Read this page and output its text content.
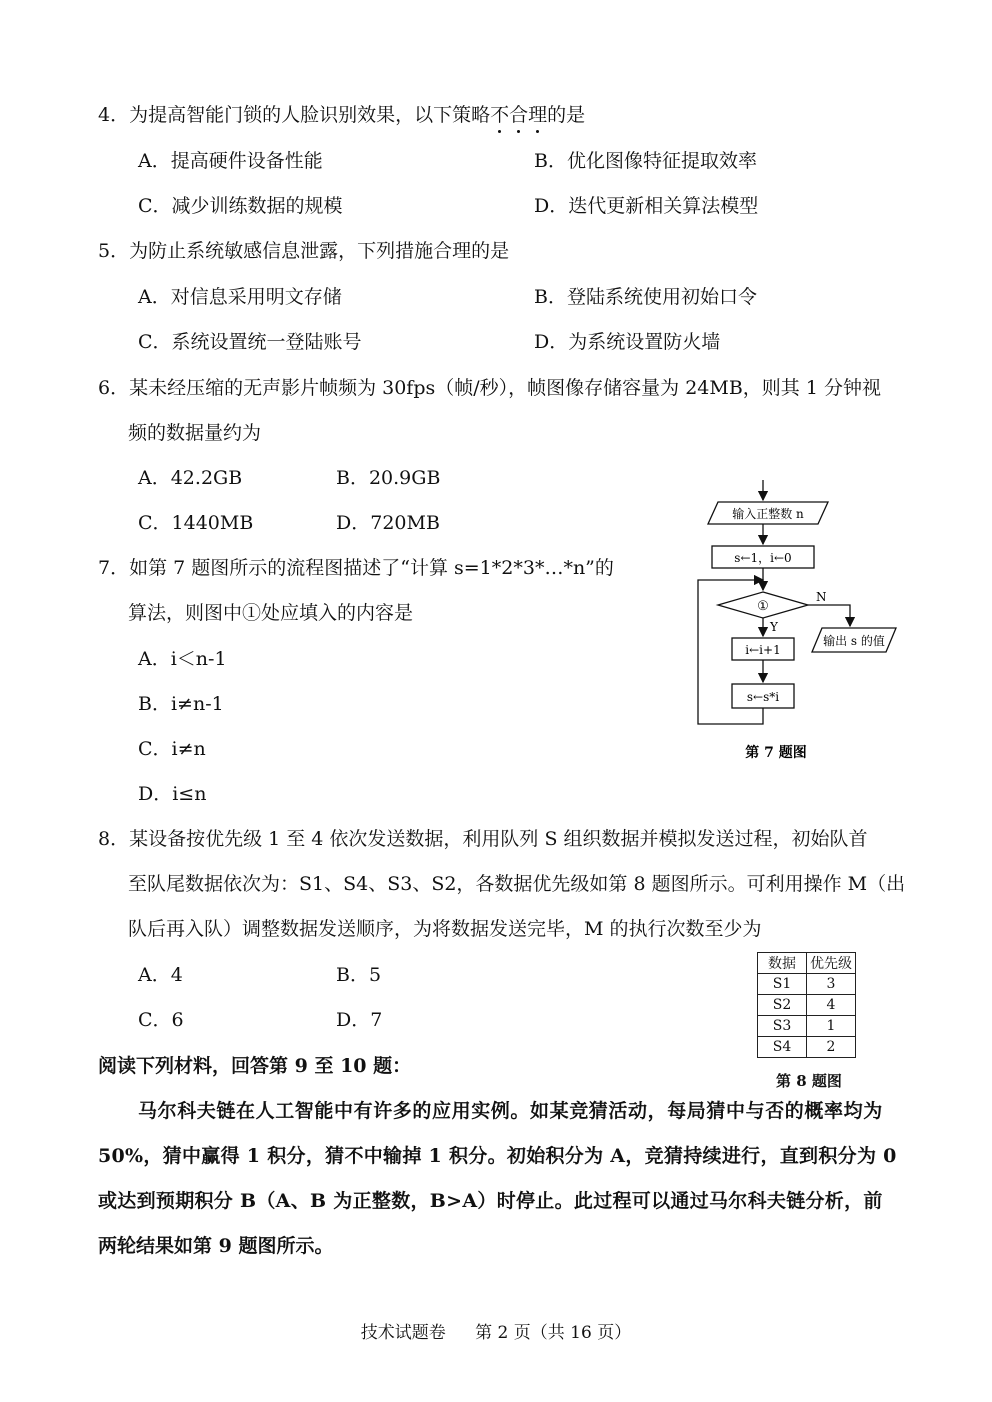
4．为提高智能门锁的人脸识别效果，以下策略不合理的是
A．提高硬件设备性能	B．优化图像特征提取效率
C．减少训练数据的规模	D．迭代更新相关算法模型
5．为防止系统敏感信息泄露，下列措施合理的是
A．对信息采用明文存储	B．登陆系统使用初始口令
C．系统设置统一登陆账号	D．为系统设置防火墙
6．某未经压缩的无声影片帧频为 30fps（帧/秒），帧图像存储容量为 24MB，则其 1 分钟视
频的数据量约为
A．42.2GB	B．20.9GB
C．1440MB	D．720MB
7．如第 7 题图所示的流程图描述了“计算 s=1*2*3*…*n”的
算法，则图中①处应填入的内容是
A．i＜n-1
B．i≠n-1
C．i≠n
D．i≤n
输入正整数 n
s←1，i←0
①
N
输出 s 的值
Y
i←i+1
s←s*i
第 7 题图
8．某设备按优先级 1 至 4 依次发送数据，利用队列 S 组织数据并模拟发送过程，初始队首
至队尾数据依次为：S1、S4、S3、S2，各数据优先级如第 8 题图所示。可利用操作 M（出
队后再入队）调整数据发送顺序，为将数据发送完毕，M 的执行次数至少为
A．4	B．5
C．6	D．7
数据	优先级
S1	3
S2	4
S3	1
S4	2
第 8 题图
阅读下列材料，回答第 9 至 10 题：
马尔科夫链在人工智能中有许多的应用实例。如某竞猜活动，每局猜中与否的概率均为
50%，猜中赢得 1 积分，猜不中输掉 1 积分。初始积分为 A，竞猜持续进行，直到积分为 0
或达到预期积分 B（A、B 为正整数，B>A）时停止。此过程可以通过马尔科夫链分析，前
两轮结果如第 9 题图所示。
技术试题卷 第 2 页（共 16 页）
